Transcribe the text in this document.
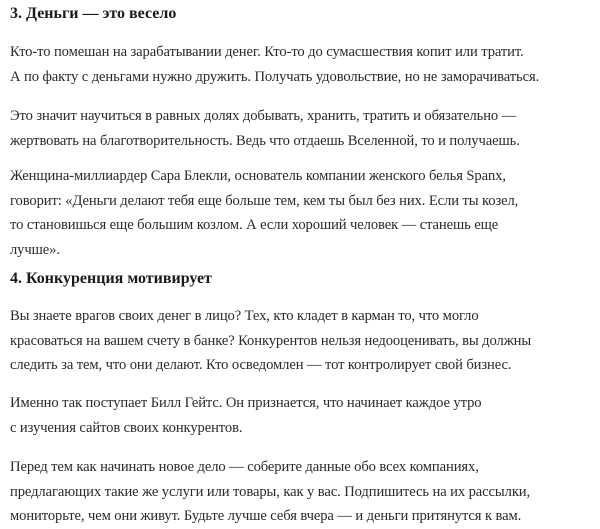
3. Деньги — это весело

Кто-то помешан на зарабатывании денег. Кто-то до сумасшествия копит или тратит.
А по факту с деньгами нужно дружить. Получать удовольствие, но не заморачиваться.

Это значит научиться в равных долях добывать, хранить, тратить и обязательно —
жертвовать на благотворительность. Ведь что отдаешь Вселенной, то и получаешь.

Женщина-миллиардер Сара Блекли, основатель компании женского белья Spanx,
говорит: «Деньги делают тебя еще больше тем, кем ты был без них. Если ты козел,
то становишься еще большим козлом. А если хороший человек — станешь еще
лучше».

4. Конкуренция мотивирует

Вы знаете врагов своих денег в лицо? Тех, кто кладет в карман то, что могло
красоваться на вашем счету в банке? Конкурентов нельзя недооценивать, вы должны
следить за тем, что они делают. Кто осведомлен — тот контролирует свой бизнес.

Именно так поступает Билл Гейтс. Он признается, что начинает каждое утро
с изучения сайтов своих конкурентов.

Перед тем как начинать новое дело — соберите данные обо всех компаниях,
предлагающих такие же услуги или товары, как у вас. Подпишитесь на их рассылки,
мониторьте, чем они живут. Будьте лучше себя вчера — и деньги притянутся к вам.
